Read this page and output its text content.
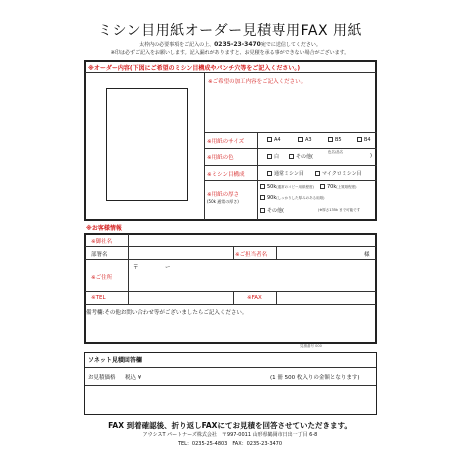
ミシン目用紙オーダー見積専用FAX 用紙
太枠内の必要事項をご記入の上、0235-23-3470宛でに送信してください。
※印は必ずご記入をお願いします。記入漏れがありますと、お見積を承る事ができない場合がございます。
※オーダー内容(下図にご希望のミシン目構成やパンチ穴等をご記入ください。)
※ご希望の加工内容をご記入ください。
※用紙のサイズ	A4	A3	B5	B4
※用紙の色	白	その他(
色名/品名
)
※ミシン目構成	通常ミシン目	マイクロミシン目
※用紙の厚さ
(50k 通常の厚さ)
50k(通常のコピー用紙程度)	70k(上質紙程度)
90k(しっかりした厚みのある用紙)
その他(	)※厚さ135k まで可能です
※お客様情報
※御社名
部署名	※ご担当者名	様
※ご住所
〒	ー
※TEL	※FAX
備考欄:その他お問い合わせ等がございましたらご記入ください。
見積番号 000
ソネット見積回答欄
お見積価格 税込 ¥	(1 冊 500 枚入りの金額となります)
FAX 到着確認後、折り返しFAXにてお見積を回答させていただきます。
アウシスT パートナーズ株式会社　 〒997-0011 山形県鶴岡市日出一丁目 6-8
TEL：0235-25-4803　FAX：0235-23-3470
